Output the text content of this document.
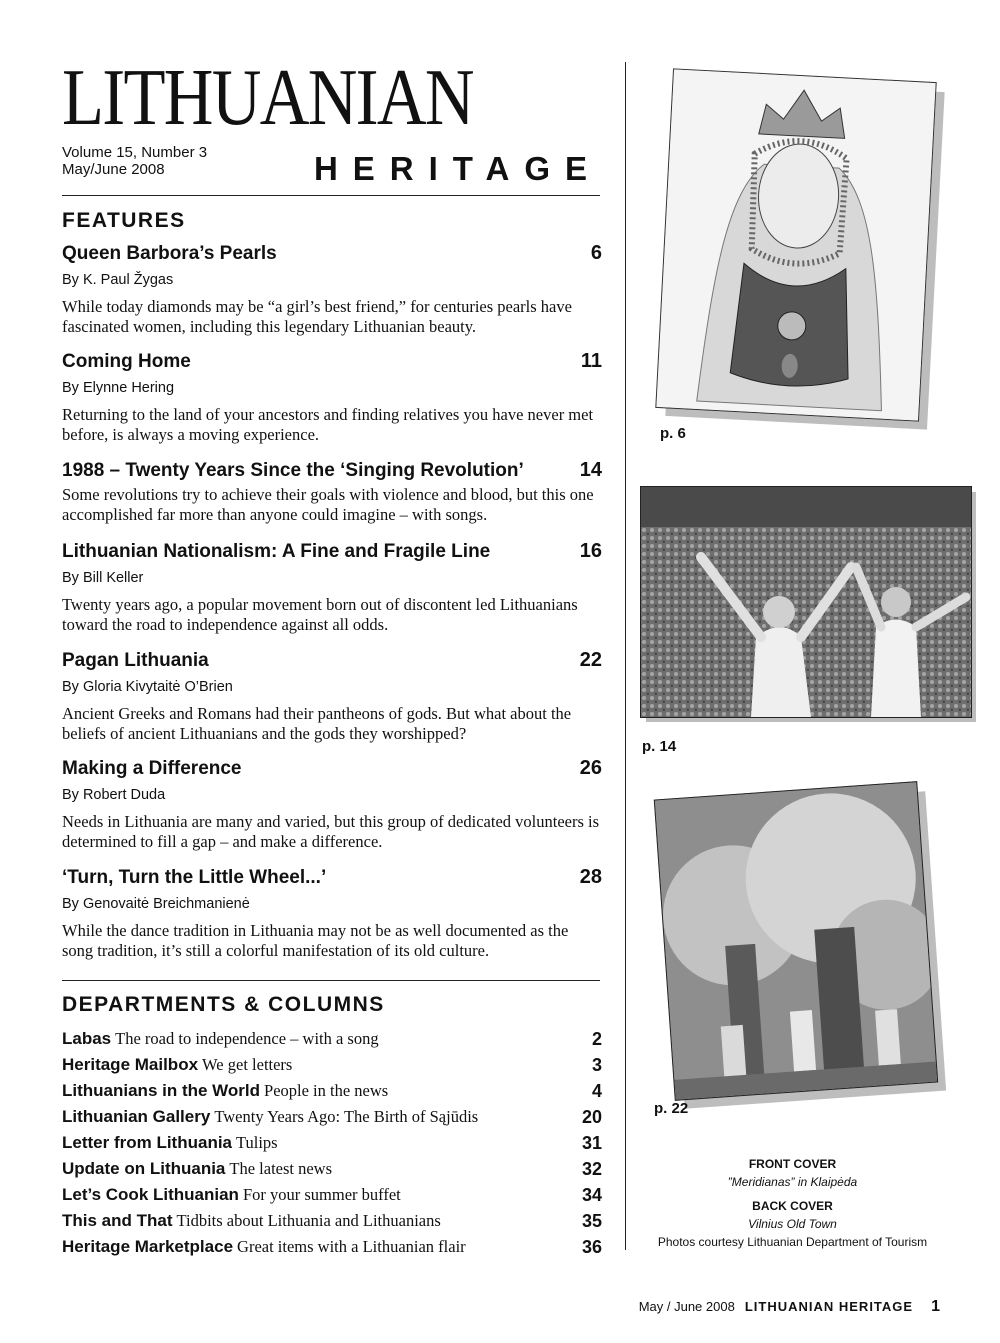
LITHUANIAN
Volume 15, Number 3
May/June 2008	HERITAGE
FEATURES
Queen Barbora’s Pearls	6
By K. Paul Žygas
While today diamonds may be “a girl’s best friend,” for centuries pearls have fascinated women, including this legendary Lithuanian beauty.
Coming Home	11
By Elynne Hering
Returning to the land of your ancestors and finding relatives you have never met before, is always a moving experience.
1988 – Twenty Years Since the ‘Singing Revolution’	14
Some revolutions try to achieve their goals with violence and blood, but this one accomplished far more than anyone could imagine – with songs.
Lithuanian Nationalism: A Fine and Fragile Line	16
By Bill Keller
Twenty years ago, a popular movement born out of discontent led Lithuanians toward the road to independence against all odds.
Pagan Lithuania	22
By Gloria Kivytaitė O’Brien
Ancient Greeks and Romans had their pantheons of gods. But what about the beliefs of ancient Lithuanians and the gods they worshipped?
Making a Difference	26
By Robert Duda
Needs in Lithuania are many and varied, but this group of dedicated volunteers is determined to fill a gap – and make a difference.
‘Turn, Turn the Little Wheel...’	28
By Genovaitė Breichmanienė
While the dance tradition in Lithuania may not be as well documented as the song tradition, it’s still a colorful manifestation of its old culture.
DEPARTMENTS & COLUMNS
Labas The road to independence – with a song	2
Heritage Mailbox We get letters	3
Lithuanians in the World People in the news	4
Lithuanian Gallery Twenty Years Ago: The Birth of Sąjūdis	20
Letter from Lithuania Tulips	31
Update on Lithuania The latest news	32
Let’s Cook Lithuanian For your summer buffet	34
This and That Tidbits about Lithuania and Lithuanians	35
Heritage Marketplace Great items with a Lithuanian flair	36
p. 6
p. 14
p. 22
FRONT COVER
”Meridianas” in Klaipėda
BACK COVER
Vilnius Old Town
Photos courtesy Lithuanian Department of Tourism
May / June 2008 LITHUANIAN HERITAGE 1
